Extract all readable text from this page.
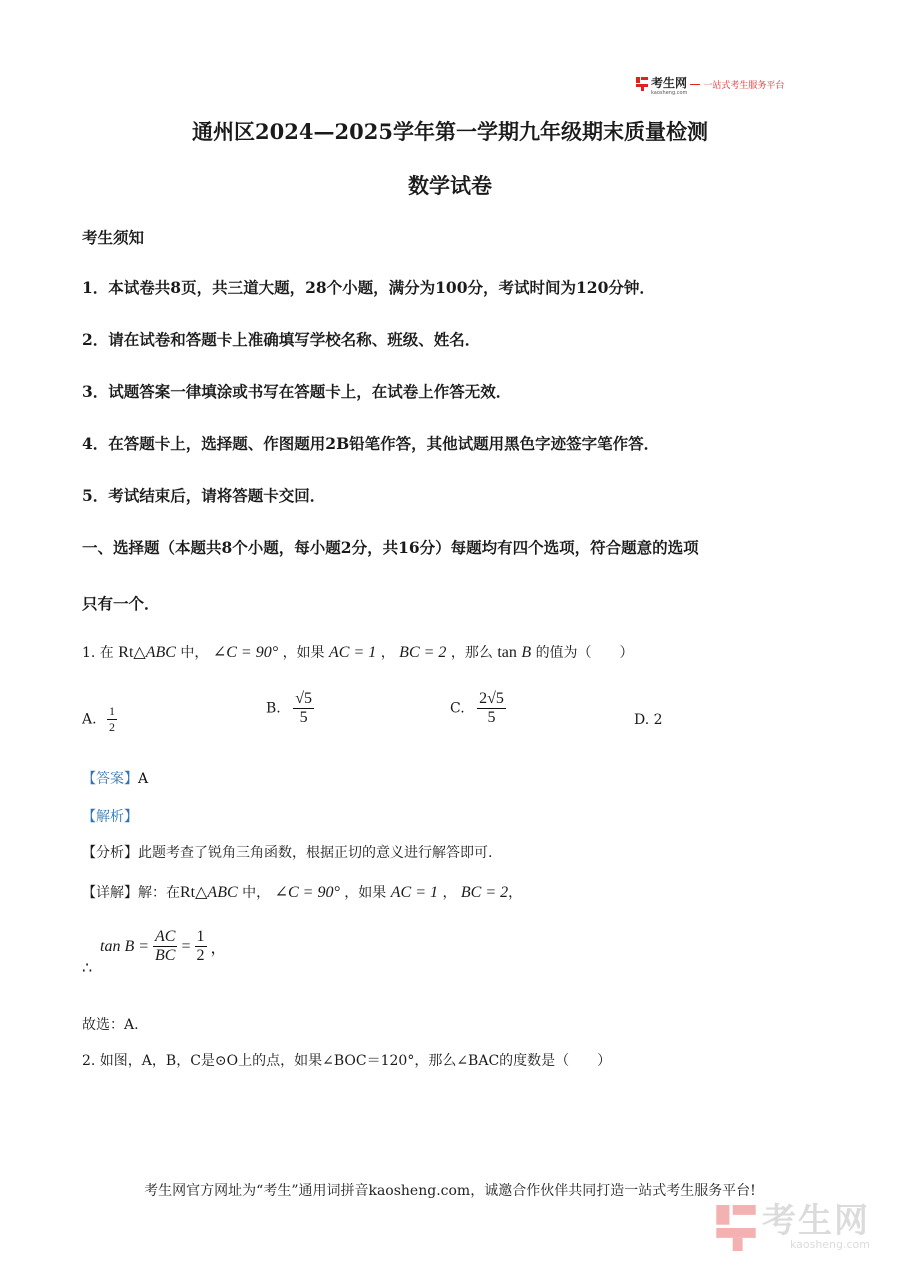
考生网
kaosheng.com
一站式考生服务平台
通州区2024—2025学年第一学期九年级期末质量检测
数学试卷
考生须知
1．本试卷共8页，共三道大题，28个小题，满分为100分，考试时间为120分钟．
2．请在试卷和答题卡上准确填写学校名称、班级、姓名．
3．试题答案一律填涂或书写在答题卡上，在试卷上作答无效．
4．在答题卡上，选择题、作图题用2B铅笔作答，其他试题用黑色字迹签字笔作答．
5．考试结束后，请将答题卡交回．
一、选择题（本题共8个小题，每小题2分，共16分）每题均有四个选项，符合题意的选项
只有一个．
1. 在 Rt△ABC 中， ∠C = 90° ，如果 AC = 1 ， BC = 2 ，那么 tan B 的值为（　　）
A. $\frac{1}{2}$	B. $\frac{√5}{5}$	C. $\frac{2√5}{5}$	D. 2
【答案】A
【解析】
【分析】此题考查了锐角三角函数，根据正切的意义进行解答即可.
【详解】解：在Rt△ABC 中， ∠C = 90° ，如果 AC = 1 ， BC = 2，
∴
$\tan B = \frac{AC}{BC} = \frac{1}{2}$ ，
故选：A.
2. 如图，A，B，C是⊙O上的点，如果∠BOC＝120°，那么∠BAC的度数是（　　）
考生网官方网址为“考生”通用词拼音kaosheng.com，诚邀合作伙伴共同打造一站式考生服务平台!
考生网
kaosheng.com
